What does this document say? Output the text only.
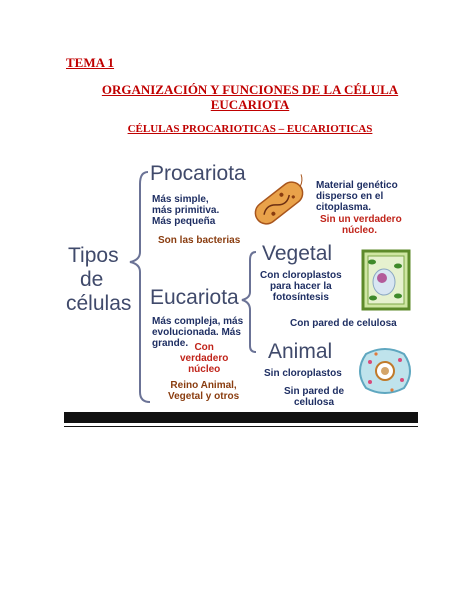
TEMA 1
ORGANIZACIÓN Y FUNCIONES DE LA CÉLULA
EUCARIOTA
CÉLULAS PROCARIOTICAS – EUCARIOTICAS
Tipos
de
células
Procariota
Más simple,
más primitiva.
Más pequeña
Son las bacterias
Material genético
disperso en el
citoplasma.
Sin un verdadero
núcleo.
Eucariota
Más compleja, más
evolucionada. Más
grande. Con
verdadero
núcleo
Reino Animal,
Vegetal y otros
Vegetal
Con cloroplastos
para hacer la
fotosíntesis
Con pared de celulosa
Animal
Sin cloroplastos
Sin pared de
celulosa
